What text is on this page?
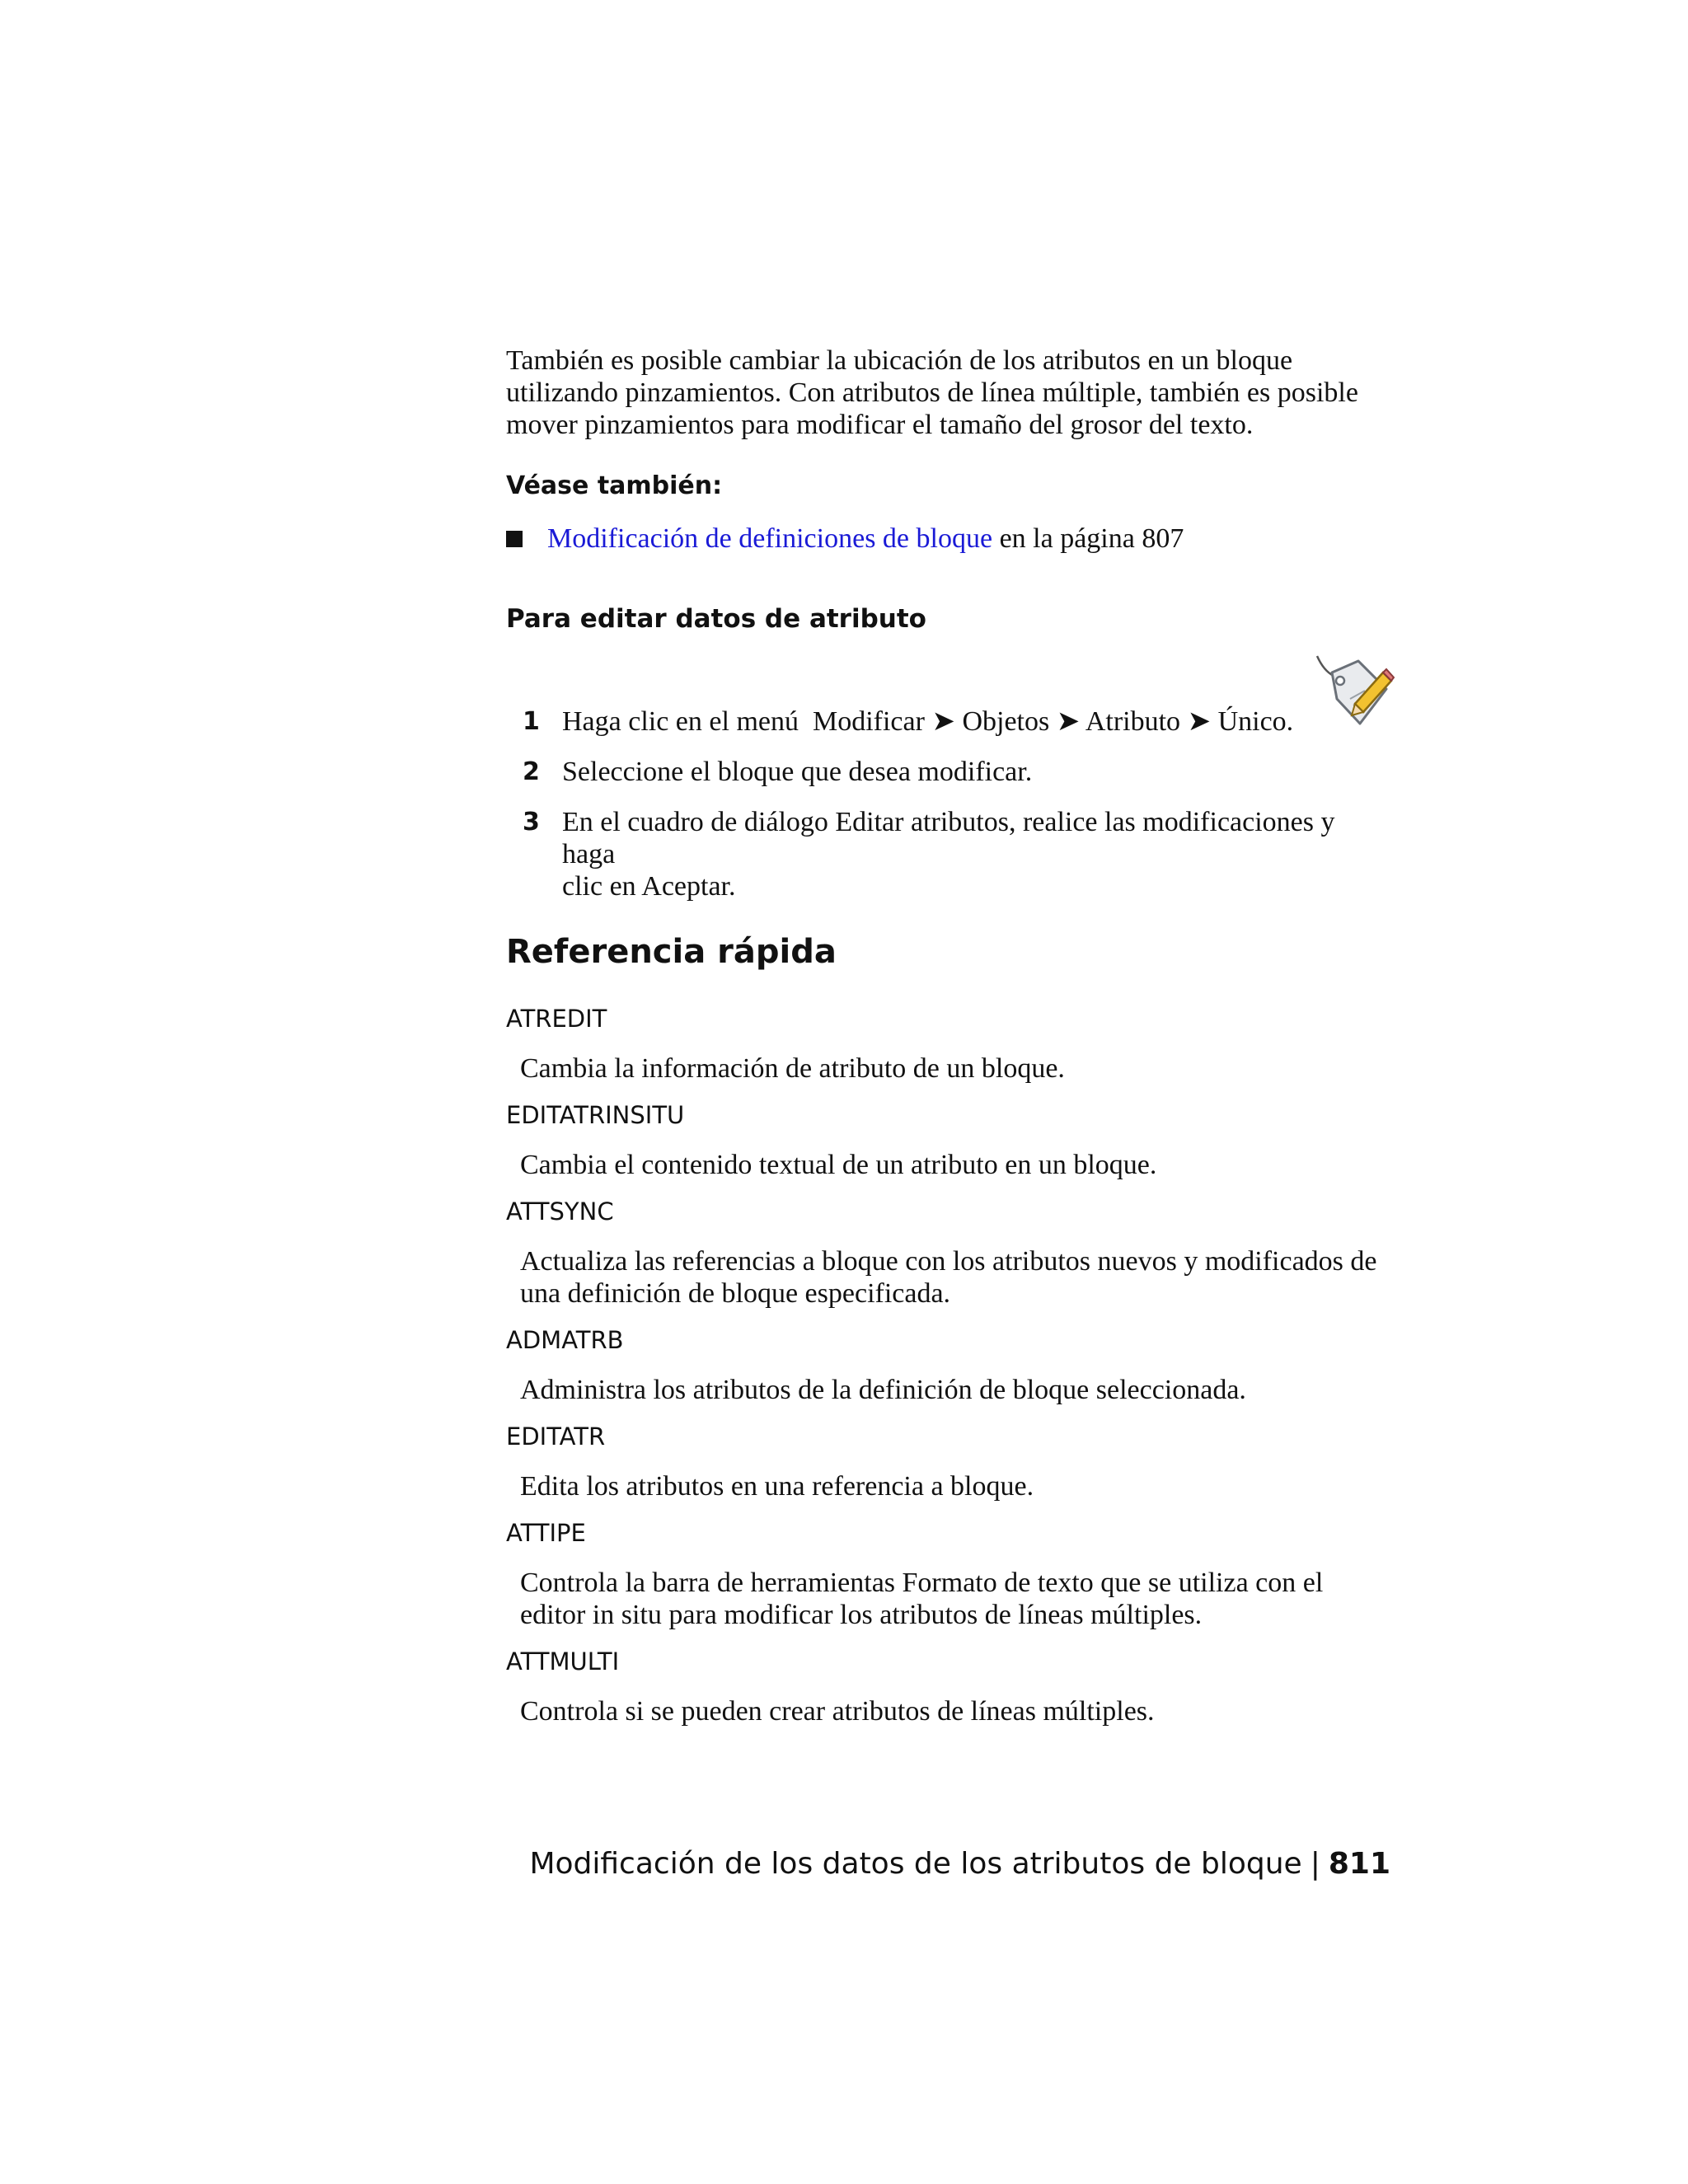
También es posible cambiar la ubicación de los atributos en un bloque
utilizando pinzamientos. Con atributos de línea múltiple, también es posible
mover pinzamientos para modificar el tamaño del grosor del texto.

Véase también:
Modificación de definiciones de bloque en la página 807
Para editar datos de atributo
1 Haga clic en el menú  Modificar ➤ Objetos ➤ Atributo ➤ Único.
2 Seleccione el bloque que desea modificar.
3 En el cuadro de diálogo Editar atributos, realice las modificaciones y haga
clic en Aceptar.
Referencia rápida
ATREDIT
Cambia la información de atributo de un bloque.
EDITATRINSITU
Cambia el contenido textual de un atributo en un bloque.
ATTSYNC
Actualiza las referencias a bloque con los atributos nuevos y modificados de
una definición de bloque especificada.
ADMATRB
Administra los atributos de la definición de bloque seleccionada.
EDITATR
Edita los atributos en una referencia a bloque.
ATTIPE
Controla la barra de herramientas Formato de texto que se utiliza con el
editor in situ para modificar los atributos de líneas múltiples.
ATTMULTI
Controla si se pueden crear atributos de líneas múltiples.
Modificación de los datos de los atributos de bloque | 811
